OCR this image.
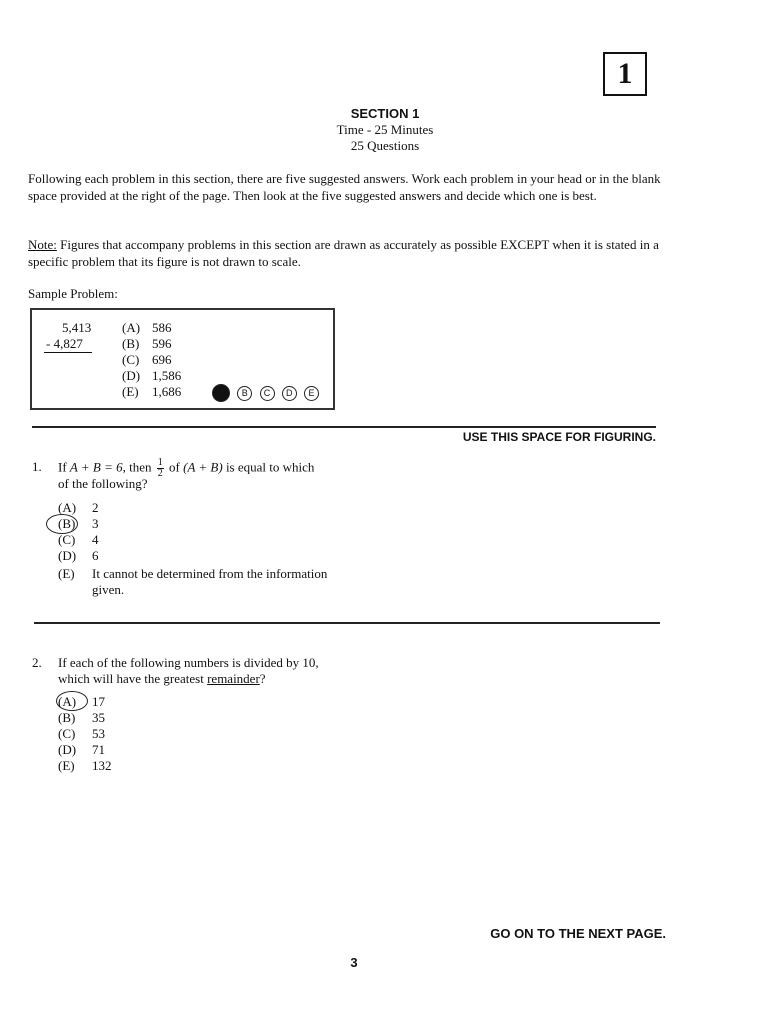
1
SECTION 1
Time - 25 Minutes
25 Questions
Following each problem in this section, there are five suggested answers. Work each problem in your head or in the blank space provided at the right of the page. Then look at the five suggested answers and decide which one is best.
Note: Figures that accompany problems in this section are drawn as accurately as possible EXCEPT when it is stated in a specific problem that its figure is not drawn to scale.
Sample Problem:
5,413
- 4,827
(A) 586
(B) 596
(C) 696
(D) 1,586
(E) 1,686	B C D E
USE THIS SPACE FOR FIGURING.
1. If A + B = 6, then $\frac{1}{2}$ of (A + B) is equal to which
of the following?
(A) 2
(B) 3
(C) 4
(D) 6
(E) It cannot be determined from the information
given.
2. If each of the following numbers is divided by 10,
which will have the greatest remainder?
(A) 17
(B) 35
(C) 53
(D) 71
(E) 132
GO ON TO THE NEXT PAGE.
3
